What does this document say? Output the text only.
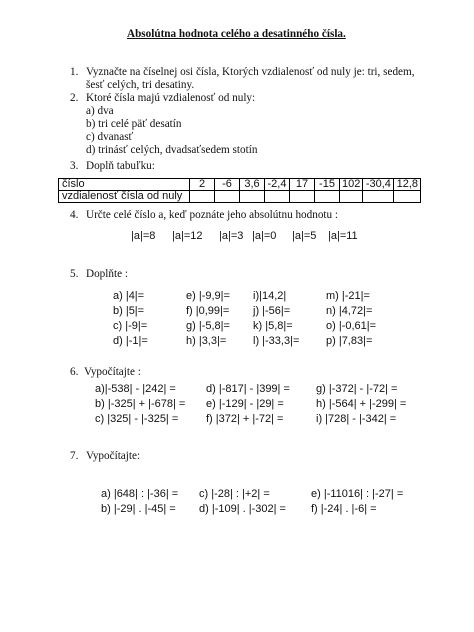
Absolútna hodnota celého a desatinného čísla.
1. Vyznačte na číselnej osi čísla, Ktorých vzdialenosť od nuly je: tri, sedem,
šesť celých, tri desatiny.
2. Ktoré čísla majú vzdialenosť od nuly:
a) dva
b) tri celé päť desatín
c) dvanasť
d) trinásť celých, dvadsaťsedem stotín
3. Doplň tabuľku:
číslo	2	-6	3,6	-2,4	17	-15	102	-30,4	12,8
vzdialenosť čísla od nuly									
4. Určte celé číslo a, keď poznáte jeho absolútnu hodnotu :
|a|=8 |a|=12 |a|=3 |a|=0 |a|=5 |a|=11
5. Doplňte :
a) |4|=
b) |5|=
c) |-9|=
d) |-1|=
e) |-9,9|=
f) |0,99|=
g) |-5,8|=
h) |3,3|=
i)|14,2|
j) |-56|=
k) |5,8|=
l) |-33,3|=
m) |-21|=
n) |4,72|=
o) |-0,61|=
p) |7,83|=
6. Vypočítajte :
a)|-538| - |242| =
b) |-325| + |-678| =
c) |325| - |-325| =
d) |-817| - |399| =
e) |-129| - |29| =
f) |372| + |-72| =
g) |-372| - |-72| =
h) |-564| + |-299| =
i) |728| - |-342| =
7. Vypočítajte:
a) |648| : |-36| =
b) |-29| . |-45| =
c) |-28| : |+2| =
d) |-109| . |-302| =
e) |-11016| : |-27| =
f) |-24| . |-6| =
